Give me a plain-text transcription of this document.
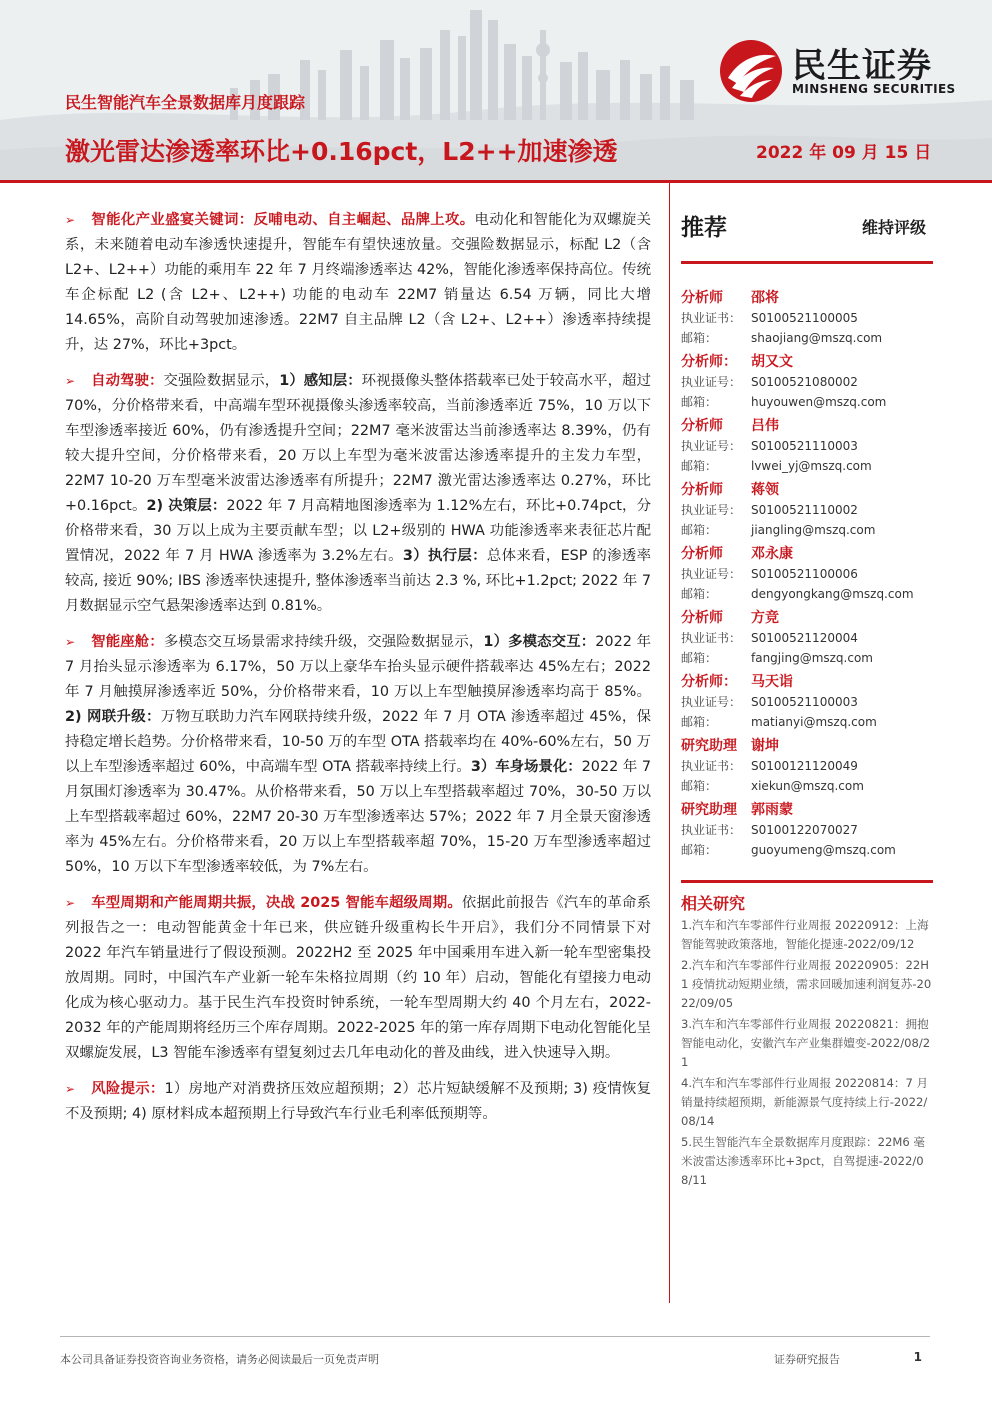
民生证券
MINSHENG SECURITIES
民生智能汽车全景数据库月度跟踪
激光雷达渗透率环比+0.16pct，L2++加速渗透	2022 年 09 月 15 日

➢ 智能化产业盛宴关键词：反哺电动、自主崛起、品牌上攻。电动化和智能化为双螺旋关系，未来随着电动车渗透快速提升，智能车有望快速放量。交强险数据显示，标配 L2（含 L2+、L2++）功能的乘用车 22 年 7 月终端渗透率达 42%，智能化渗透率保持高位。传统车企标配 L2 (含 L2+、L2++) 功能的电动车 22M7 销量达 6.54 万辆，同比大增 14.65%，高阶自动驾驶加速渗透。22M7 自主品牌 L2（含 L2+、L2++）渗透率持续提升，达 27%，环比+3pct。

➢ 自动驾驶：交强险数据显示，1）感知层：环视摄像头整体搭载率已处于较高水平，超过 70%，分价格带来看，中高端车型环视摄像头渗透率较高，当前渗透率近 75%，10 万以下车型渗透率接近 60%，仍有渗透提升空间；22M7 毫米波雷达当前渗透率达 8.39%，仍有较大提升空间，分价格带来看，20 万以上车型为毫米波雷达渗透率提升的主发力车型，22M7 10-20 万车型毫米波雷达渗透率有所提升；22M7 激光雷达渗透率达 0.27%，环比+0.16pct。2) 决策层：2022 年 7 月高精地图渗透率为 1.12%左右，环比+0.74pct，分价格带来看，30 万以上成为主要贡献车型；以 L2+级别的 HWA 功能渗透率来表征芯片配置情况，2022 年 7 月 HWA 渗透率为 3.2%左右。3）执行层：总体来看，ESP 的渗透率较高, 接近 90%; IBS 渗透率快速提升, 整体渗透率当前达 2.3 %, 环比+1.2pct; 2022 年 7 月数据显示空气悬架渗透率达到 0.81%。

➢ 智能座舱：多模态交互场景需求持续升级，交强险数据显示，1）多模态交互：2022 年 7 月抬头显示渗透率为 6.17%，50 万以上豪华车抬头显示硬件搭载率达 45%左右；2022 年 7 月触摸屏渗透率近 50%，分价格带来看，10 万以上车型触摸屏渗透率均高于 85%。2) 网联升级：万物互联助力汽车网联持续升级，2022 年 7 月 OTA 渗透率超过 45%，保持稳定增长趋势。分价格带来看，10-50 万的车型 OTA 搭载率均在 40%-60%左右，50 万以上车型渗透率超过 60%，中高端车型 OTA 搭载率持续上行。3）车身场景化：2022 年 7 月氛围灯渗透率为 30.47%。从价格带来看，50 万以上车型搭载率超过 70%，30-50 万以上车型搭载率超过 60%，22M7 20-30 万车型渗透率达 57%；2022 年 7 月全景天窗渗透率为 45%左右。分价格带来看，20 万以上车型搭载率超 70%，15-20 万车型渗透率超过 50%，10 万以下车型渗透率较低，为 7%左右。

➢ 车型周期和产能周期共振，决战 2025 智能车超级周期。依据此前报告《汽车的革命系列报告之一：电动智能黄金十年已来，供应链升级重构长牛开启》，我们分不同情景下对 2022 年汽车销量进行了假设预测。2022H2 至 2025 年中国乘用车进入新一轮车型密集投放周期。同时，中国汽车产业新一轮车朱格拉周期（约 10 年）启动，智能化有望接力电动化成为核心驱动力。基于民生汽车投资时钟系统，一轮车型周期大约 40 个月左右，2022-2032 年的产能周期将经历三个库存周期。2022-2025 年的第一库存周期下电动化智能化呈双螺旋发展，L3 智能车渗透率有望复刻过去几年电动化的普及曲线，进入快速导入期。

➢ 风险提示：1）房地产对消费挤压效应超预期；2）芯片短缺缓解不及预期; 3) 疫情恢复不及预期; 4) 原材料成本超预期上行导致汽车行业毛利率低预期等。

推荐	维持评级
分析师	邵将
执业证书： S0100521100005
邮箱：	shaojiang@mszq.com
分析师：	胡又文
执业证号： S0100521080002
邮箱：	huyouwen@mszq.com
分析师	吕伟
执业证号： S0100521110003
邮箱：	lvwei_yj@mszq.com
分析师	蒋领
执业证号： S0100521110002
邮箱：	jiangling@mszq.com
分析师	邓永康
执业证号： S0100521100006
邮箱：	dengyongkang@mszq.com
分析师	方竞
执业证书： S0100521120004
邮箱：	fangjing@mszq.com
分析师：	马天诣
执业证号： S0100521100003
邮箱：	matianyi@mszq.com
研究助理	谢坤
执业证书： S0100121120049
邮箱：	xiekun@mszq.com
研究助理	郭雨蒙
执业证书： S0100122070027
邮箱：	guoyumeng@mszq.com
相关研究
1.汽车和汽车零部件行业周报 20220912：上海智能驾驶政策落地，智能化提速-2022/09/12
2.汽车和汽车零部件行业周报 20220905：22H1 疫情扰动短期业绩，需求回暖加速利润复苏-2022/09/05
3.汽车和汽车零部件行业周报 20220821：拥抱智能电动化，安徽汽车产业集群嬗变-2022/08/21
4.汽车和汽车零部件行业周报 20220814：7 月销量持续超预期，新能源景气度持续上行-2022/08/14
5.民生智能汽车全景数据库月度跟踪：22M6 毫米波雷达渗透率环比+3pct，自驾提速-2022/08/11
本公司具备证券投资咨询业务资格，请务必阅读最后一页免责声明	证券研究报告	1
